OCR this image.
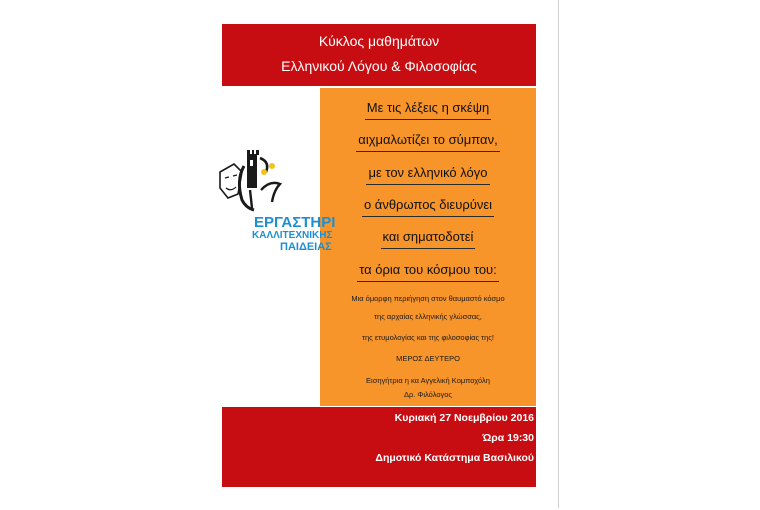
Κύκλος μαθημάτων
Ελληνικού Λόγου & Φιλοσοφίας
Με τις λέξεις η σκέψη
αιχμαλωτίζει το σύμπαν,
με τον ελληνικό λόγο
ο άνθρωπος διευρύνει
και σηματοδοτεί
τα όρια του κόσμου του:
Μια όμορφη περιήγηση στον θαυμαστό κόσμο
της αρχαίας ελληνικής γλώσσας,
της ετυμολογίας και της φιλοσοφίας της!
ΜΕΡΟΣ ΔΕΥΤΕΡΟ
Εισηγήτρια η κα Αγγελική Κομποχόλη
Δρ. Φιλόλογος
Κυριακή 27 Νοεμβρίου 2016
Ώρα 19:30
Δημοτικό Κατάστημα Βασιλικού
ΕΡΓΑΣΤΗΡΙ
ΚΑΛΛΙΤΕΧΝΙΚΗΣ
ΠΑΙΔΕΙΑΣ
